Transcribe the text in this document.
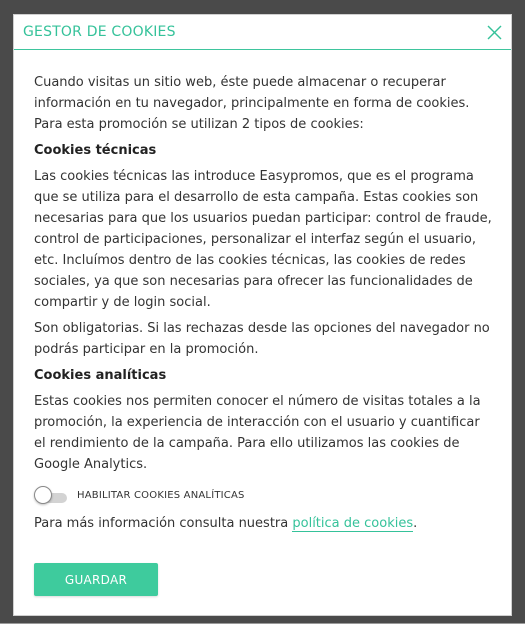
GESTOR DE COOKIES

Cuando visitas un sitio web, éste puede almacenar o recuperar información en tu navegador, principalmente en forma de cookies. Para esta promoción se utilizan 2 tipos de cookies:

Cookies técnicas

Las cookies técnicas las introduce Easypromos, que es el programa que se utiliza para el desarrollo de esta campaña. Estas cookies son necesarias para que los usuarios puedan participar: control de fraude, control de participaciones, personalizar el interfaz según el usuario, etc. Incluímos dentro de las cookies técnicas, las cookies de redes sociales, ya que son necesarias para ofrecer las funcionalidades de compartir y de login social.

Son obligatorias. Si las rechazas desde las opciones del navegador no podrás participar en la promoción.

Cookies analíticas

Estas cookies nos permiten conocer el número de visitas totales a la promoción, la experiencia de interacción con el usuario y cuantificar el rendimiento de la campaña. Para ello utilizamos las cookies de Google Analytics.

HABILITAR COOKIES ANALÍTICAS

Para más información consulta nuestra política de cookies.

GUARDAR
